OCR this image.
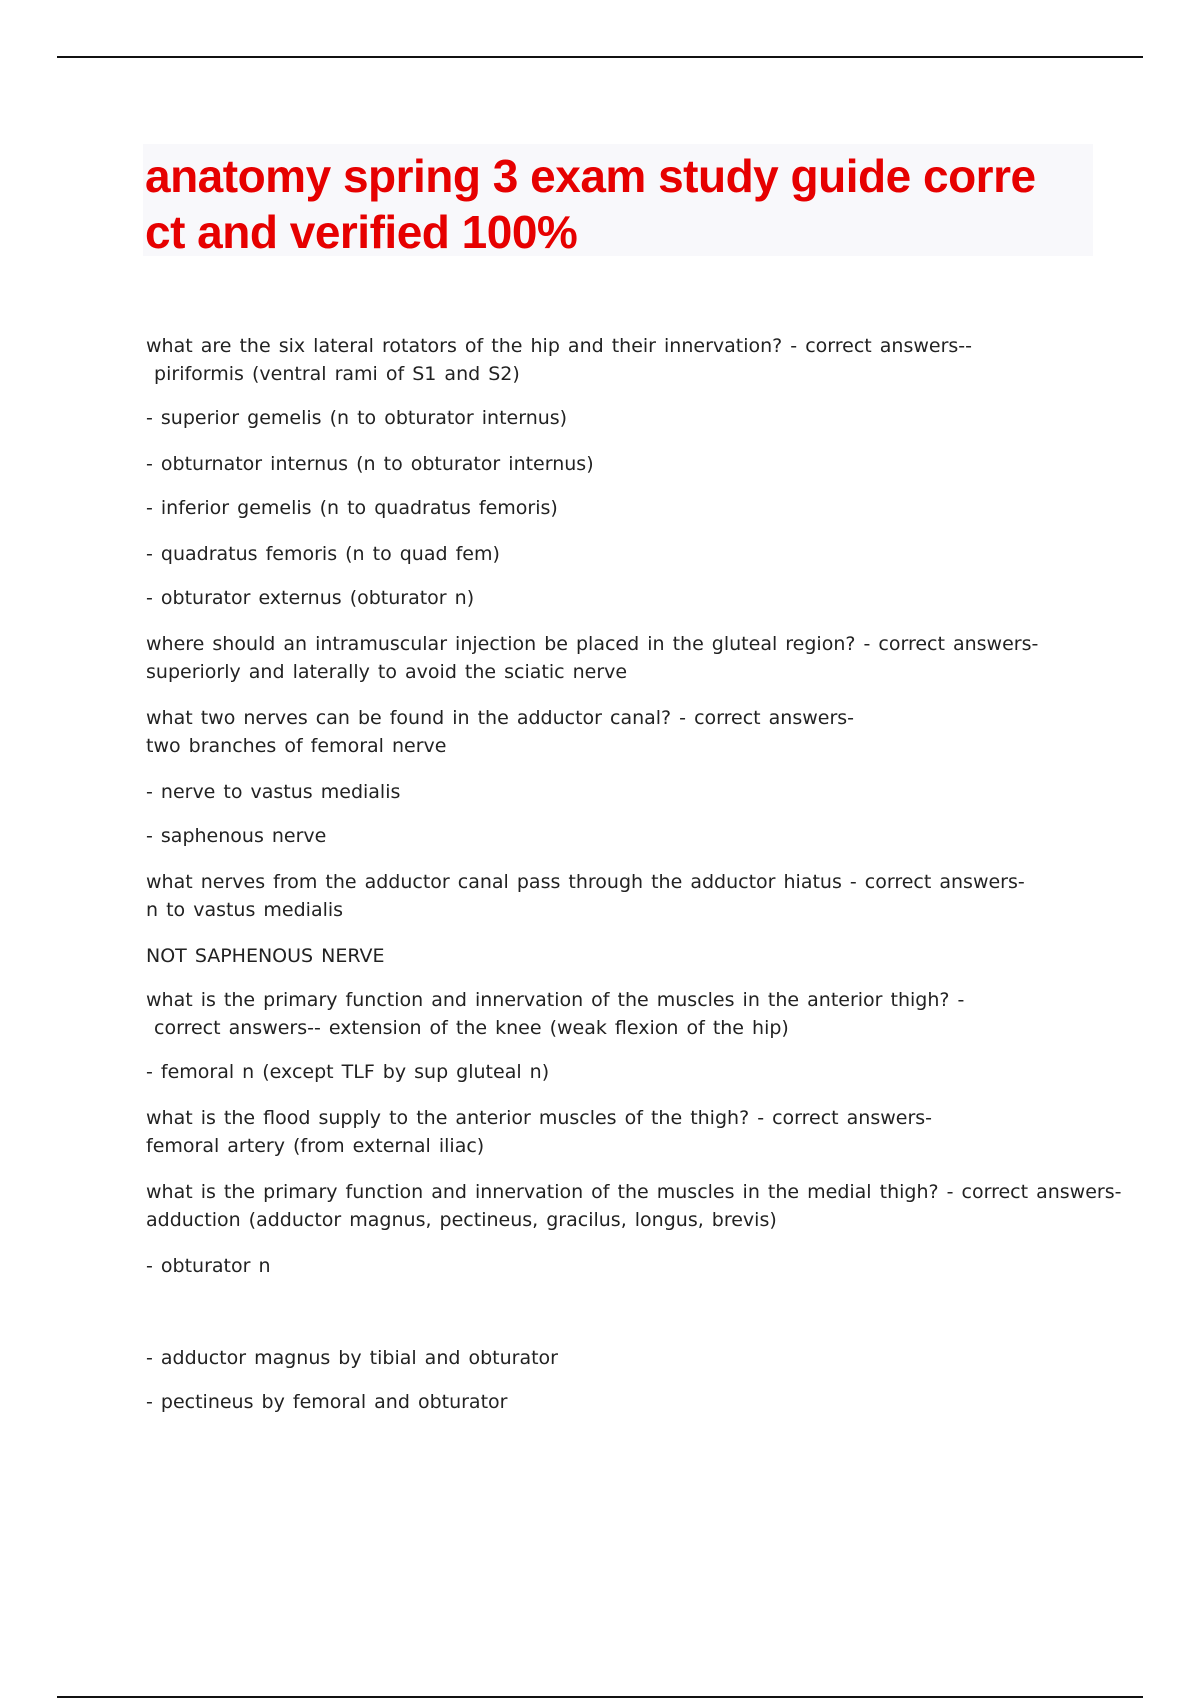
anatomy spring 3 exam study guide corre
ct and verified 100%
what are the six lateral rotators of the hip and their innervation? - correct answers--
piriformis (ventral rami of S1 and S2)
- superior gemelis (n to obturator internus)
- obturnator internus (n to obturator internus)
- inferior gemelis (n to quadratus femoris)
- quadratus femoris (n to quad fem)
- obturator externus (obturator n)
where should an intramuscular injection be placed in the gluteal region? - correct answers-
superiorly and laterally to avoid the sciatic nerve
what two nerves can be found in the adductor canal? - correct answers-
two branches of femoral nerve
- nerve to vastus medialis
- saphenous nerve
what nerves from the adductor canal pass through the adductor hiatus - correct answers-
n to vastus medialis
NOT SAPHENOUS NERVE
what is the primary function and innervation of the muscles in the anterior thigh? -
correct answers-- extension of the knee (weak flexion of the hip)
- femoral n (except TLF by sup gluteal n)
what is the flood supply to the anterior muscles of the thigh? - correct answers-
femoral artery (from external iliac)
what is the primary function and innervation of the muscles in the medial thigh? - correct answers-
adduction (adductor magnus, pectineus, gracilus, longus, brevis)
- obturator n
- adductor magnus by tibial and obturator
- pectineus by femoral and obturator
